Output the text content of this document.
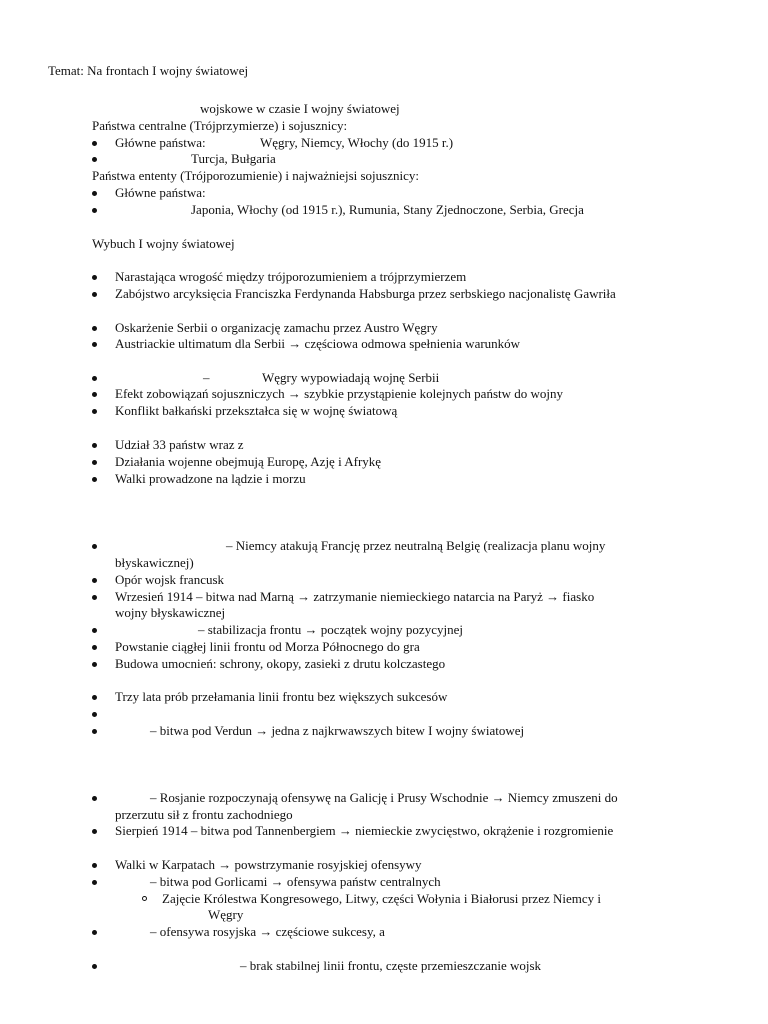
Temat: Na frontach I wojny światowej
wojskowe w czasie I wojny światowej
Państwa centralne (Trójprzymierze) i sojusznicy:
Główne państwa:	Węgry, Niemcy, Włochy (do 1915 r.)
Turcja, Bułgaria
Państwa ententy (Trójporozumienie) i najważniejsi sojusznicy:
Główne państwa:
Japonia, Włochy (od 1915 r.), Rumunia, Stany Zjednoczone, Serbia, Grecja
Wybuch I wojny światowej
Narastająca wrogość między trójporozumieniem a trójprzymierzem
Zabójstwo arcyksięcia Franciszka Ferdynanda Habsburga przez serbskiego nacjonalistę Gawriła
Oskarżenie Serbii o organizację zamachu przez Austro Węgry
Austriackie ultimatum dla Serbii → częściowa odmowa spełnienia warunków
–	Węgry wypowiadają wojnę Serbii
Efekt zobowiązań sojuszniczych → szybkie przystąpienie kolejnych państw do wojny
Konflikt bałkański przekształca się w wojnę światową
Udział 33 państw wraz z
Działania wojenne obejmują Europę, Azję i Afrykę
Walki prowadzone na lądzie i morzu
– Niemcy atakują Francję przez neutralną Belgię (realizacja planu wojny
błyskawicznej)
Opór wojsk francusk
Wrzesień 1914 – bitwa nad Marną → zatrzymanie niemieckiego natarcia na Paryż → fiasko
wojny błyskawicznej
– stabilizacja frontu → początek wojny pozycyjnej
Powstanie ciągłej linii frontu od Morza Północnego do gra
Budowa umocnień: schrony, okopy, zasieki z drutu kolczastego
Trzy lata prób przełamania linii frontu bez większych sukcesów
– bitwa pod Verdun → jedna z najkrwawszych bitew I wojny światowej
– Rosjanie rozpoczynają ofensywę na Galicję i Prusy Wschodnie → Niemcy zmuszeni do
przerzutu sił z frontu zachodniego
Sierpień 1914 – bitwa pod Tannenbergiem → niemieckie zwycięstwo, okrążenie i rozgromienie
Walki w Karpatach → powstrzymanie rosyjskiej ofensywy
– bitwa pod Gorlicami → ofensywa państw centralnych
Zajęcie Królestwa Kongresowego, Litwy, części Wołynia i Białorusi przez Niemcy i
Węgry
– ofensywa rosyjska → częściowe sukcesy, a
– brak stabilnej linii frontu, częste przemieszczanie wojsk
